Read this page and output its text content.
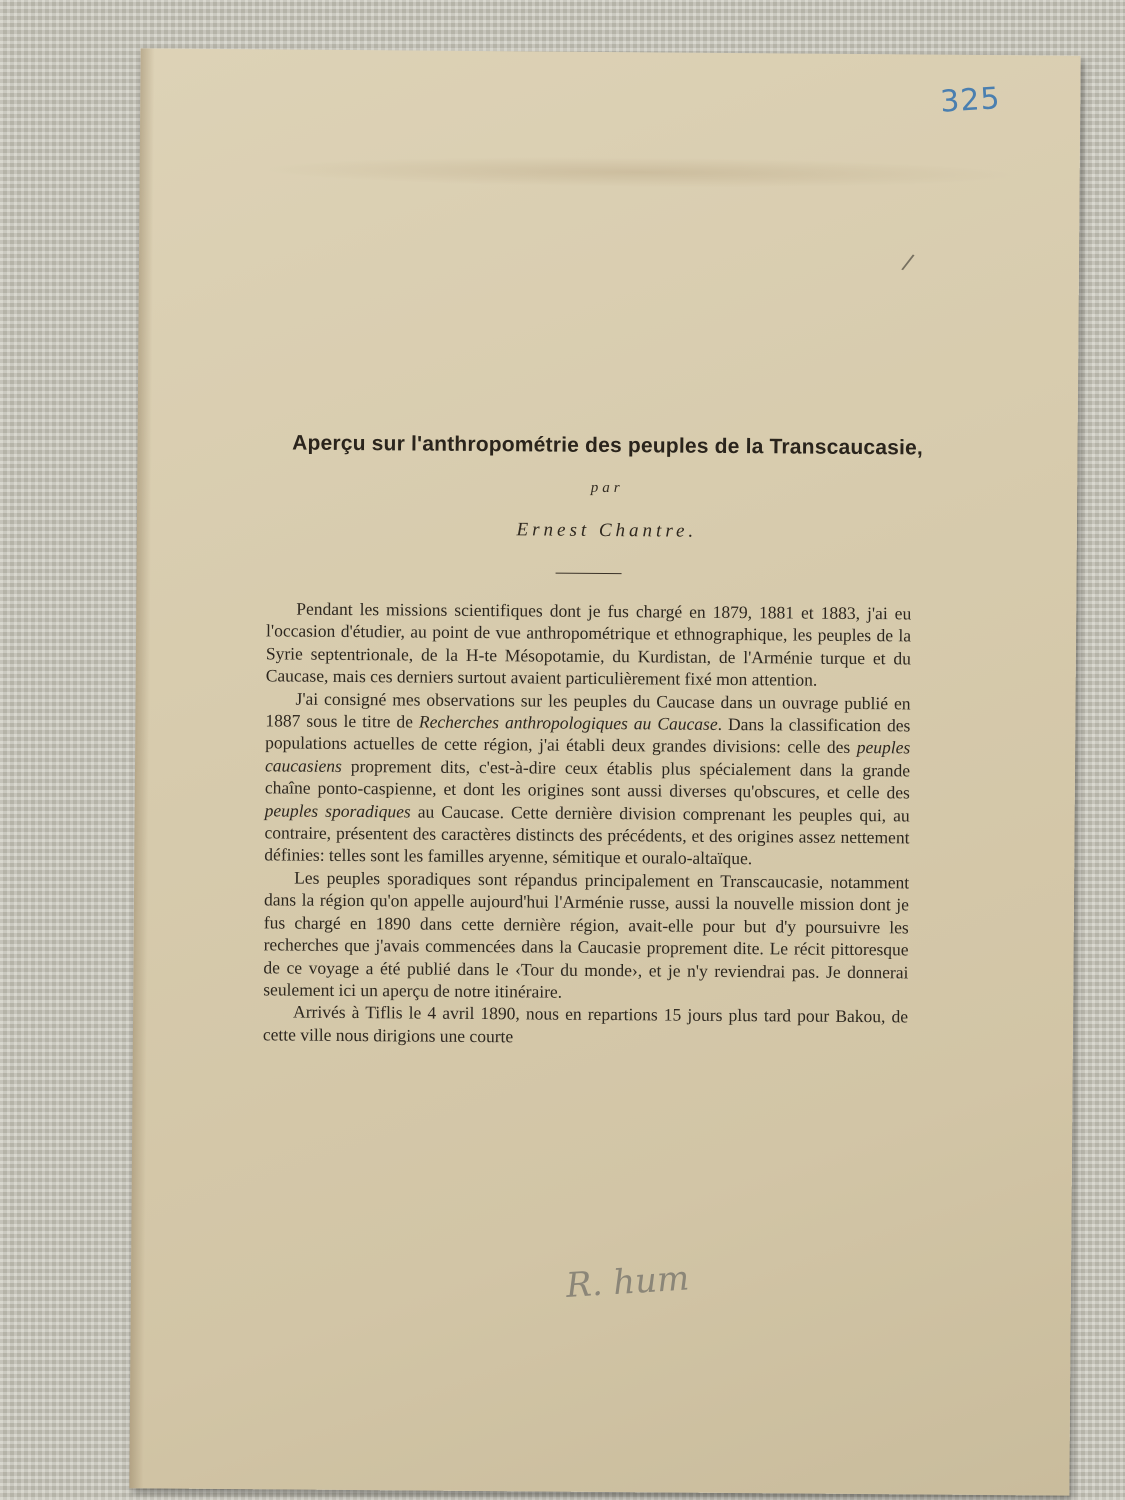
325

/

Aperçu sur l'anthropométrie des peuples de la Transcaucasie,

par

Ernest Chantre.

Pendant les missions scientifiques dont je fus chargé en 1879, 1881 et 1883, j'ai eu l'occasion d'étudier, au point de vue anthropométrique et ethnographique, les peuples de la Syrie septentrionale, de la H-te Mésopotamie, du Kurdistan, de l'Arménie turque et du Caucase, mais ces derniers surtout avaient particulièrement fixé mon attention.

J'ai consigné mes observations sur les peuples du Caucase dans un ouvrage publié en 1887 sous le titre de Recherches anthropologiques au Caucase. Dans la classification des populations actuelles de cette région, j'ai établi deux grandes divisions: celle des peuples caucasiens proprement dits, c'est-à-dire ceux établis plus spécialement dans la grande chaîne ponto-caspienne, et dont les origines sont aussi diverses qu'obscures, et celle des peuples sporadiques au Caucase. Cette dernière division comprenant les peuples qui, au contraire, présentent des caractères distincts des précédents, et des origines assez nettement définies: telles sont les familles aryenne, sémitique et ouralo-altaïque.

Les peuples sporadiques sont répandus principalement en Transcaucasie, notamment dans la région qu'on appelle aujourd'hui l'Arménie russe, aussi la nouvelle mission dont je fus chargé en 1890 dans cette dernière région, avait-elle pour but d'y poursuivre les recherches que j'avais commencées dans la Caucasie proprement dite. Le récit pittoresque de ce voyage a été publié dans le ‹Tour du monde›, et je n'y reviendrai pas. Je donnerai seulement ici un aperçu de notre itinéraire.

Arrivés à Tiflis le 4 avril 1890, nous en repartions 15 jours plus tard pour Bakou, de cette ville nous dirigions une courte

R. hum
